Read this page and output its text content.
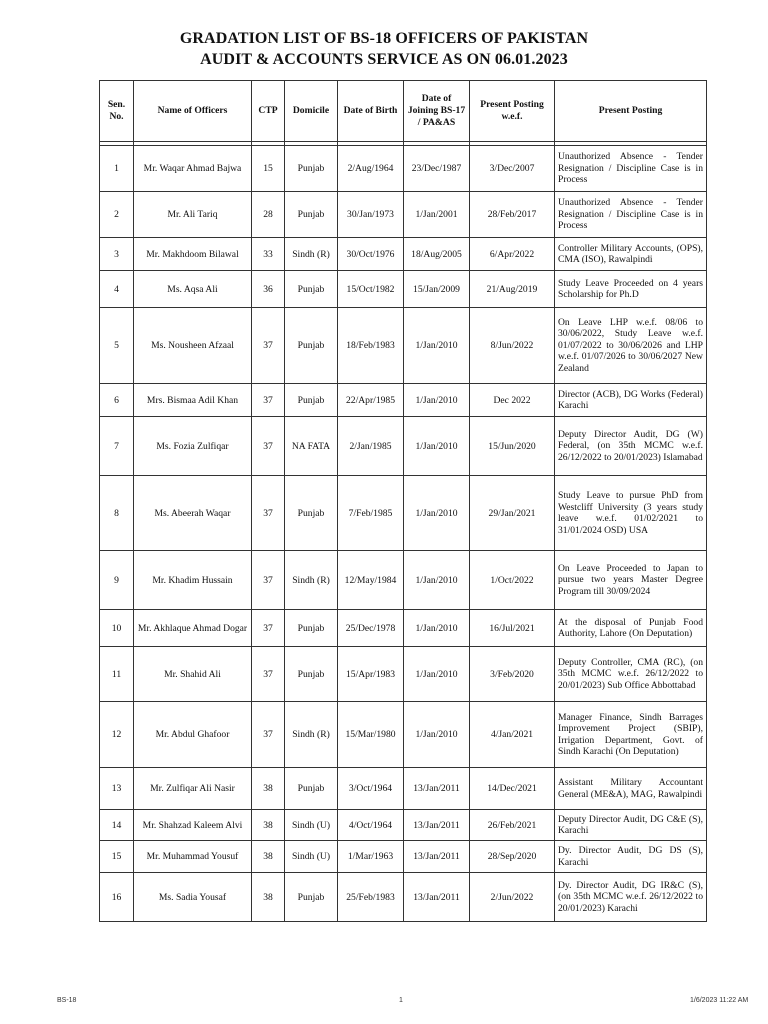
GRADATION LIST OF BS-18 OFFICERS OF PAKISTAN
AUDIT & ACCOUNTS SERVICE AS ON 06.01.2023
Sen. No.	Name of Officers	CTP	Domicile	Date of Birth	Date of Joining BS-17 / PA&AS	Present Posting w.e.f.	Present Posting

1	Mr. Waqar Ahmad Bajwa	15	Punjab	2/Aug/1964	23/Dec/1987	3/Dec/2007	Unauthorized Absence - Tender Resignation / Discipline Case is in Process
2	Mr. Ali Tariq	28	Punjab	30/Jan/1973	1/Jan/2001	28/Feb/2017	Unauthorized Absence - Tender Resignation / Discipline Case is in Process
3	Mr. Makhdoom Bilawal	33	Sindh (R)	30/Oct/1976	18/Aug/2005	6/Apr/2022	Controller Military Accounts, (OPS), CMA (ISO), Rawalpindi
4	Ms. Aqsa Ali	36	Punjab	15/Oct/1982	15/Jan/2009	21/Aug/2019	Study Leave Proceeded on 4 years Scholarship for Ph.D
5	Ms. Nousheen Afzaal	37	Punjab	18/Feb/1983	1/Jan/2010	8/Jun/2022	On Leave LHP w.e.f. 08/06 to 30/06/2022, Study Leave w.e.f. 01/07/2022 to 30/06/2026 and LHP w.e.f. 01/07/2026 to 30/06/2027 New Zealand
6	Mrs. Bismaa Adil Khan	37	Punjab	22/Apr/1985	1/Jan/2010	Dec 2022	Director (ACB), DG Works (Federal) Karachi
7	Ms. Fozia Zulfiqar	37	NA FATA	2/Jan/1985	1/Jan/2010	15/Jun/2020	Deputy Director Audit, DG (W) Federal, (on 35th MCMC w.e.f. 26/12/2022 to 20/01/2023) Islamabad
8	Ms. Abeerah Waqar	37	Punjab	7/Feb/1985	1/Jan/2010	29/Jan/2021	Study Leave to pursue PhD from Westcliff University (3 years study leave w.e.f. 01/02/2021 to 31/01/2024 OSD) USA
9	Mr. Khadim Hussain	37	Sindh (R)	12/May/1984	1/Jan/2010	1/Oct/2022	On Leave Proceeded to Japan to pursue two years Master Degree Program till 30/09/2024
10	Mr. Akhlaque Ahmad Dogar	37	Punjab	25/Dec/1978	1/Jan/2010	16/Jul/2021	At the disposal of Punjab Food Authority, Lahore (On Deputation)
11	Mr. Shahid Ali	37	Punjab	15/Apr/1983	1/Jan/2010	3/Feb/2020	Deputy Controller, CMA (RC), (on 35th MCMC w.e.f. 26/12/2022 to 20/01/2023) Sub Office Abbottabad
12	Mr. Abdul Ghafoor	37	Sindh (R)	15/Mar/1980	1/Jan/2010	4/Jan/2021	Manager Finance, Sindh Barrages Improvement Project (SBIP), Irrigation Department, Govt. of Sindh Karachi (On Deputation)
13	Mr. Zulfiqar Ali Nasir	38	Punjab	3/Oct/1964	13/Jan/2011	14/Dec/2021	Assistant Military Accountant General (ME&A), MAG, Rawalpindi
14	Mr. Shahzad Kaleem Alvi	38	Sindh (U)	4/Oct/1964	13/Jan/2011	26/Feb/2021	Deputy Director Audit, DG C&E (S), Karachi
15	Mr. Muhammad Yousuf	38	Sindh (U)	1/Mar/1963	13/Jan/2011	28/Sep/2020	Dy. Director Audit, DG DS (S), Karachi
16	Ms. Sadia Yousaf	38	Punjab	25/Feb/1983	13/Jan/2011	2/Jun/2022	Dy. Director Audit, DG IR&C (S), (on 35th MCMC w.e.f. 26/12/2022 to 20/01/2023) Karachi
BS-18	1	1/6/2023 11:22 AM
